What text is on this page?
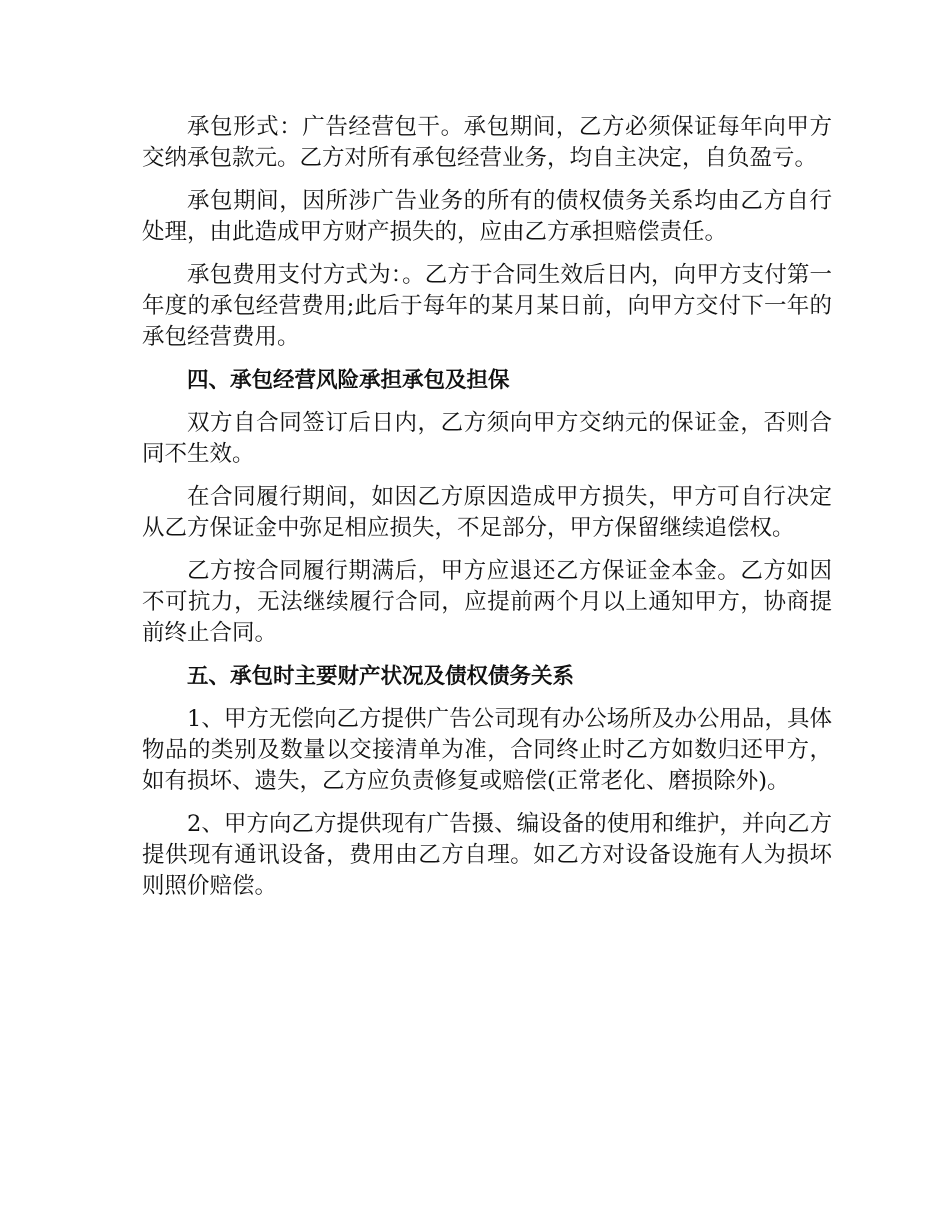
承包形式：广告经营包干。承包期间，乙方必须保证每年向甲方交纳承包款元。乙方对所有承包经营业务，均自主决定，自负盈亏。

承包期间，因所涉广告业务的所有的债权债务关系均由乙方自行处理，由此造成甲方财产损失的，应由乙方承担赔偿责任。

承包费用支付方式为：。乙方于合同生效后日内，向甲方支付第一年度的承包经营费用;此后于每年的某月某日前，向甲方交付下一年的承包经营费用。

四、承包经营风险承担承包及担保

双方自合同签订后日内，乙方须向甲方交纳元的保证金，否则合同不生效。

在合同履行期间，如因乙方原因造成甲方损失，甲方可自行决定从乙方保证金中弥足相应损失，不足部分，甲方保留继续追偿权。

乙方按合同履行期满后，甲方应退还乙方保证金本金。乙方如因不可抗力，无法继续履行合同，应提前两个月以上通知甲方，协商提前终止合同。

五、承包时主要财产状况及债权债务关系

1、甲方无偿向乙方提供广告公司现有办公场所及办公用品，具体物品的类别及数量以交接清单为准，合同终止时乙方如数归还甲方，如有损坏、遗失，乙方应负责修复或赔偿(正常老化、磨损除外)。

2、甲方向乙方提供现有广告摄、编设备的使用和维护，并向乙方提供现有通讯设备，费用由乙方自理。如乙方对设备设施有人为损坏则照价赔偿。
